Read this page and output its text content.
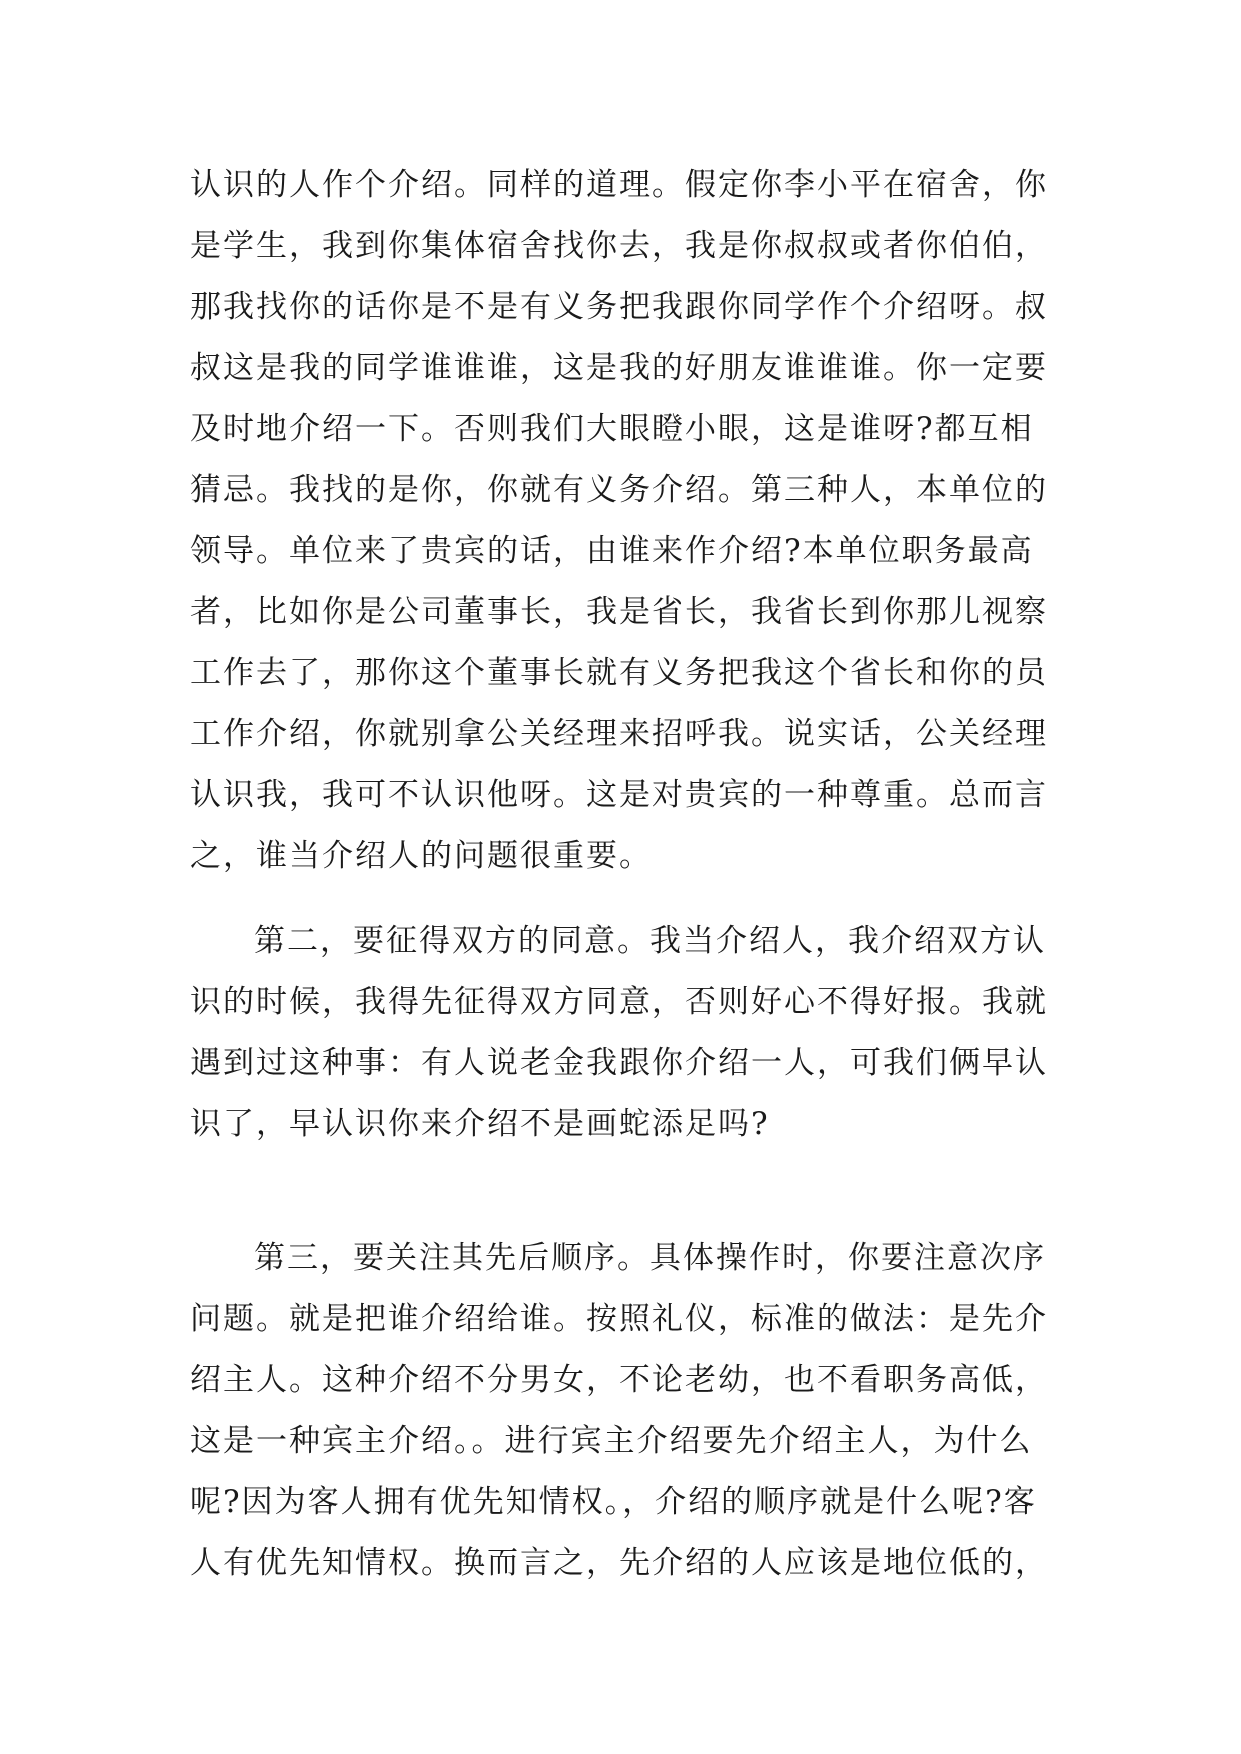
认识的人作个介绍。同样的道理。假定你李小平在宿舍，你
是学生，我到你集体宿舍找你去，我是你叔叔或者你伯伯，
那我找你的话你是不是有义务把我跟你同学作个介绍呀。叔
叔这是我的同学谁谁谁，这是我的好朋友谁谁谁。你一定要
及时地介绍一下。否则我们大眼瞪小眼，这是谁呀?都互相
猜忌。我找的是你，你就有义务介绍。第三种人，本单位的
领导。单位来了贵宾的话，由谁来作介绍?本单位职务最高
者，比如你是公司董事长，我是省长，我省长到你那儿视察
工作去了，那你这个董事长就有义务把我这个省长和你的员
工作介绍，你就别拿公关经理来招呼我。说实话，公关经理
认识我，我可不认识他呀。这是对贵宾的一种尊重。总而言
之，谁当介绍人的问题很重要。

第二，要征得双方的同意。我当介绍人，我介绍双方认
识的时候，我得先征得双方同意，否则好心不得好报。我就
遇到过这种事：有人说老金我跟你介绍一人，可我们俩早认
识了，早认识你来介绍不是画蛇添足吗?

第三，要关注其先后顺序。具体操作时，你要注意次序
问题。就是把谁介绍给谁。按照礼仪，标准的做法：是先介
绍主人。这种介绍不分男女，不论老幼，也不看职务高低，
这是一种宾主介绍。。进行宾主介绍要先介绍主人，为什么
呢?因为客人拥有优先知情权。，介绍的顺序就是什么呢?客
人有优先知情权。换而言之，先介绍的人应该是地位低的，
